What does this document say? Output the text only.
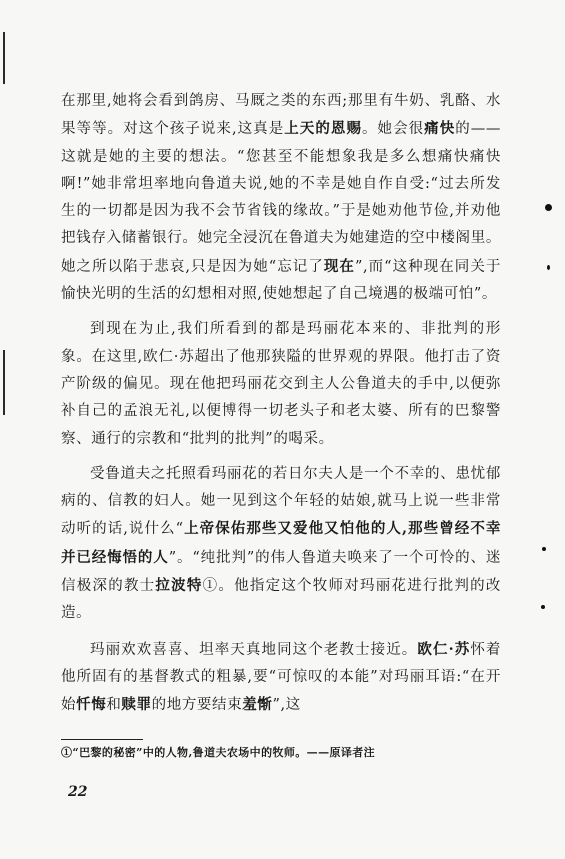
在那里,她将会看到鸽房、马厩之类的东西;那里有牛奶、乳酪、水果等等。对这个孩子说来,这真是上天的恩赐。她会很痛快的——这就是她的主要的想法。“您甚至不能想象我是多么想痛快痛快啊!”她非常坦率地向鲁道夫说,她的不幸是她自作自受:“过去所发生的一切都是因为我不会节省钱的缘故。”于是她劝他节俭,并劝他把钱存入储蓄银行。她完全浸沉在鲁道夫为她建造的空中楼阁里。她之所以陷于悲哀,只是因为她“忘记了现在”,而“这种现在同关于愉快光明的生活的幻想相对照,使她想起了自己境遇的极端可怕”。

到现在为止,我们所看到的都是玛丽花本来的、非批判的形象。在这里,欧仁·苏超出了他那狭隘的世界观的界限。他打击了资产阶级的偏见。现在他把玛丽花交到主人公鲁道夫的手中,以便弥补自己的孟浪无礼,以便博得一切老头子和老太婆、所有的巴黎警察、通行的宗教和“批判的批判”的喝采。

受鲁道夫之托照看玛丽花的若日尔夫人是一个不幸的、患忧郁病的、信教的妇人。她一见到这个年轻的姑娘,就马上说一些非常动听的话,说什么“上帝保佑那些又爱他又怕他的人,那些曾经不幸并已经悔悟的人”。“纯批判”的伟人鲁道夫唤来了一个可怜的、迷信极深的教士拉波特①。他指定这个牧师对玛丽花进行批判的改造。

玛丽欢欢喜喜、坦率天真地同这个老教士接近。欧仁·苏怀着他所固有的基督教式的粗暴,要“可惊叹的本能”对玛丽耳语:“在开始忏悔和赎罪的地方要结束羞惭”,这

①“巴黎的秘密”中的人物,鲁道夫农场中的牧师。——原译者注
22
